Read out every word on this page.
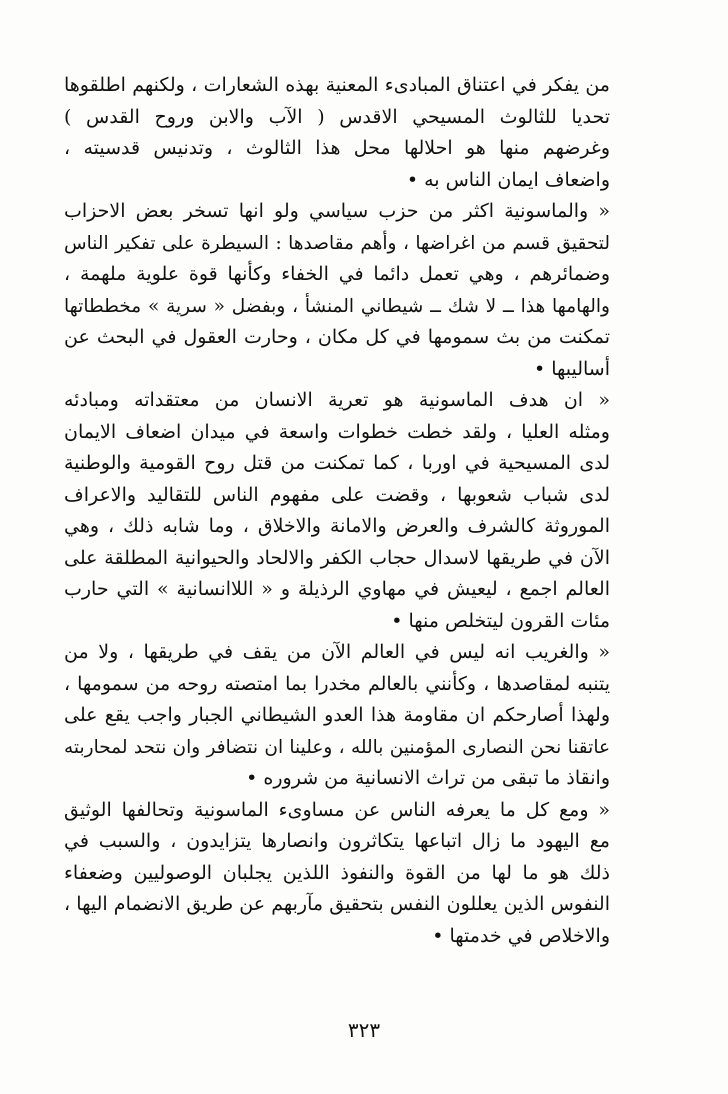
من يفكر في اعتناق المبادىء المعنية بهذه الشعارات ، ولكنهم اطلقوها
تحديا للثالوث المسيحي الاقدس ( الآب والابن وروح القدس )
وغرضهم منها هو احلالها محل هذا الثالوث ، وتدنيس قدسيته ،
واضعاف ايمان الناس به •
« والماسونية اكثر من حزب سياسي ولو انها تسخر بعض الاحزاب
لتحقيق قسم من اغراضها ، وأهم مقاصدها : السيطرة على تفكير الناس
وضمائرهم ، وهي تعمل دائما في الخفاء وكأنها قوة علوية ملهمة ،
والهامها هذا ــ لا شك ــ شيطاني المنشأ ، وبفضل « سرية » مخططاتها
تمكنت من بث سمومها في كل مكان ، وحارت العقول في البحث عن
أساليبها •
« ان هدف الماسونية هو تعرية الانسان من معتقداته ومبادئه
ومثله العليا ، ولقد خطت خطوات واسعة في ميدان اضعاف الايمان
لدى المسيحية في اوربا ، كما تمكنت من قتل روح القومية والوطنية
لدى شباب شعوبها ، وقضت على مفهوم الناس للتقاليد والاعراف
الموروثة كالشرف والعرض والامانة والاخلاق ، وما شابه ذلك ، وهي
الآن في طريقها لاسدال حجاب الكفر والالحاد والحيوانية المطلقة على
العالم اجمع ، ليعيش في مهاوي الرذيلة و « اللاانسانية » التي حارب
مئات القرون ليتخلص منها •
« والغريب انه ليس في العالم الآن من يقف في طريقها ، ولا من
يتنبه لمقاصدها ، وكأنني بالعالم مخدرا بما امتصته روحه من سمومها ،
ولهذا أصارحكم ان مقاومة هذا العدو الشيطاني الجبار واجب يقع على
عاتقنا نحن النصارى المؤمنين بالله ، وعلينا ان نتضافر وان نتحد لمحاربته
وانقاذ ما تبقى من تراث الانسانية من شروره •
« ومع كل ما يعرفه الناس عن مساوىء الماسونية وتحالفها الوثيق
مع اليهود ما زال اتباعها يتكاثرون وانصارها يتزايدون ، والسبب في
ذلك هو ما لها من القوة والنفوذ اللذين يجلبان الوصوليين وضعفاء
النفوس الذين يعللون النفس بتحقيق مآربهم عن طريق الانضمام اليها ،
والاخلاص في خدمتها •
٣٢٣
